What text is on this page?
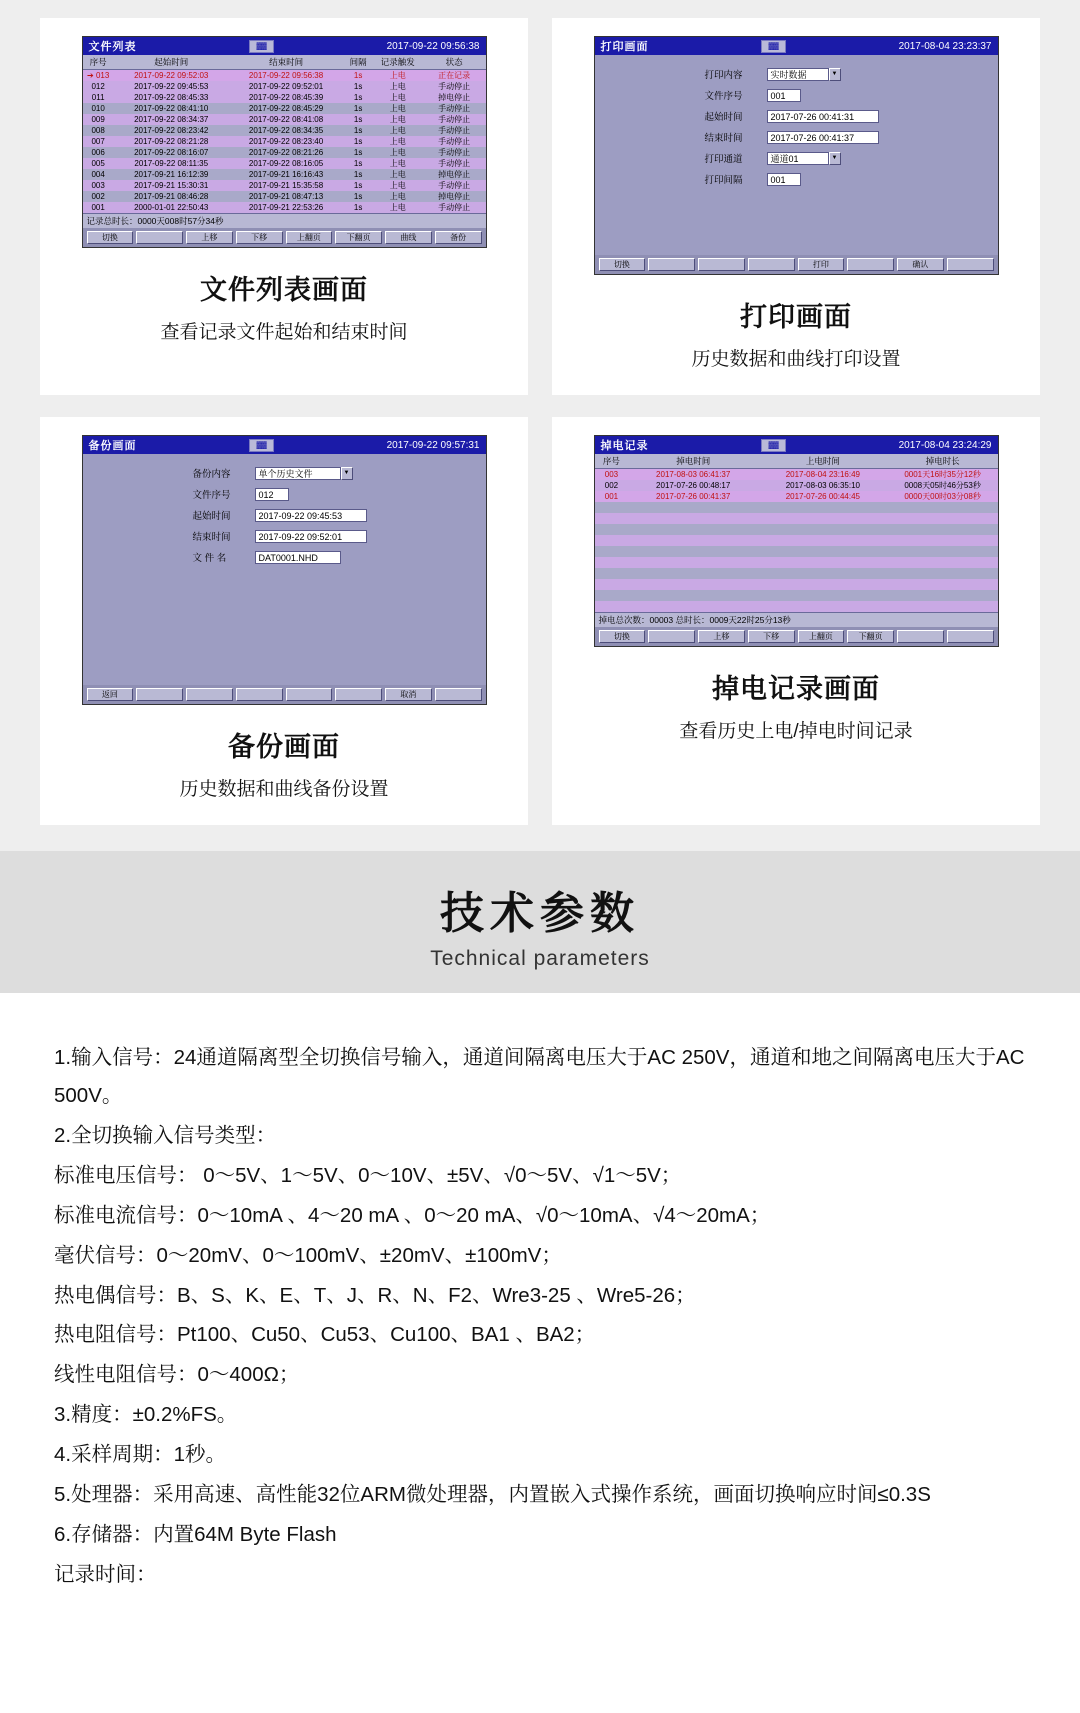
文件列表	▓▓	2017-09-22 09:56:38
序号	起始时间	结束时间	间隔	记录触发	状态
➔ 013	2017-09-22 09:52:03	2017-09-22 09:56:38	1s	上电	正在记录
012	2017-09-22 09:45:53	2017-09-22 09:52:01	1s	上电	手动停止
011	2017-09-22 08:45:33	2017-09-22 08:45:39	1s	上电	掉电停止
010	2017-09-22 08:41:10	2017-09-22 08:45:29	1s	上电	手动停止
009	2017-09-22 08:34:37	2017-09-22 08:41:08	1s	上电	手动停止
008	2017-09-22 08:23:42	2017-09-22 08:34:35	1s	上电	手动停止
007	2017-09-22 08:21:28	2017-09-22 08:23:40	1s	上电	手动停止
006	2017-09-22 08:16:07	2017-09-22 08:21:26	1s	上电	手动停止
005	2017-09-22 08:11:35	2017-09-22 08:16:05	1s	上电	手动停止
004	2017-09-21 16:12:39	2017-09-21 16:16:43	1s	上电	掉电停止
003	2017-09-21 15:30:31	2017-09-21 15:35:58	1s	上电	手动停止
002	2017-09-21 08:46:28	2017-09-21 08:47:13	1s	上电	掉电停止
001	2000-01-01 22:50:43	2017-09-21 22:53:26	1s	上电	手动停止
记录总时长：0000天008时57分34秒
切换	上移	下移	上翻页	下翻页	曲线	备份
文件列表画面
查看记录文件起始和结束时间
打印画面	▓▓	2017-08-04 23:23:37
打印内容	实时数据	▼
文件序号	001
起始时间	2017-07-26 00:41:31
结束时间	2017-07-26 00:41:37
打印通道	通道01	▼
打印间隔	001
切换	打印	确认
打印画面
历史数据和曲线打印设置
备份画面	▓▓	2017-09-22 09:57:31
备份内容	单个历史文件	▼
文件序号	012
起始时间	2017-09-22 09:45:53
结束时间	2017-09-22 09:52:01
文 件 名	DAT0001.NHD
返回	取消
备份画面
历史数据和曲线备份设置
掉电记录	▓▓	2017-08-04 23:24:29
序号	掉电时间	上电时间	掉电时长
003	2017-08-03 06:41:37	2017-08-04 23:16:49	0001天16时35分12秒
002	2017-07-26 00:48:17	2017-08-03 06:35:10	0008天05时46分53秒
001	2017-07-26 00:41:37	2017-07-26 00:44:45	0000天00时03分08秒

掉电总次数：00003 总时长：0009天22时25分13秒
切换	上移	下移	上翻页	下翻页
掉电记录画面
查看历史上电/掉电时间记录
技术参数
Technical parameters

1.输入信号：24通道隔离型全切换信号输入，通道间隔离电压大于AC 250V，通道和地之间隔离电压大于AC 500V。

2.全切换输入信号类型：

标准电压信号： 0～5V、1～5V、0～10V、±5V、√0～5V、√1～5V；

标准电流信号：0～10mA 、4～20 mA 、0～20 mA、√0～10mA、√4～20mA；

毫伏信号：0～20mV、0～100mV、±20mV、±100mV；

热电偶信号：B、S、K、E、T、J、R、N、F2、Wre3-25 、Wre5-26；

热电阻信号：Pt100、Cu50、Cu53、Cu100、BA1 、BA2；

线性电阻信号：0～400Ω；

3.精度：±0.2%FS。

4.采样周期：1秒。

5.处理器：采用高速、高性能32位ARM微处理器，内置嵌入式操作系统，画面切换响应时间≤0.3S

6.存储器：内置64M Byte Flash

记录时间：
